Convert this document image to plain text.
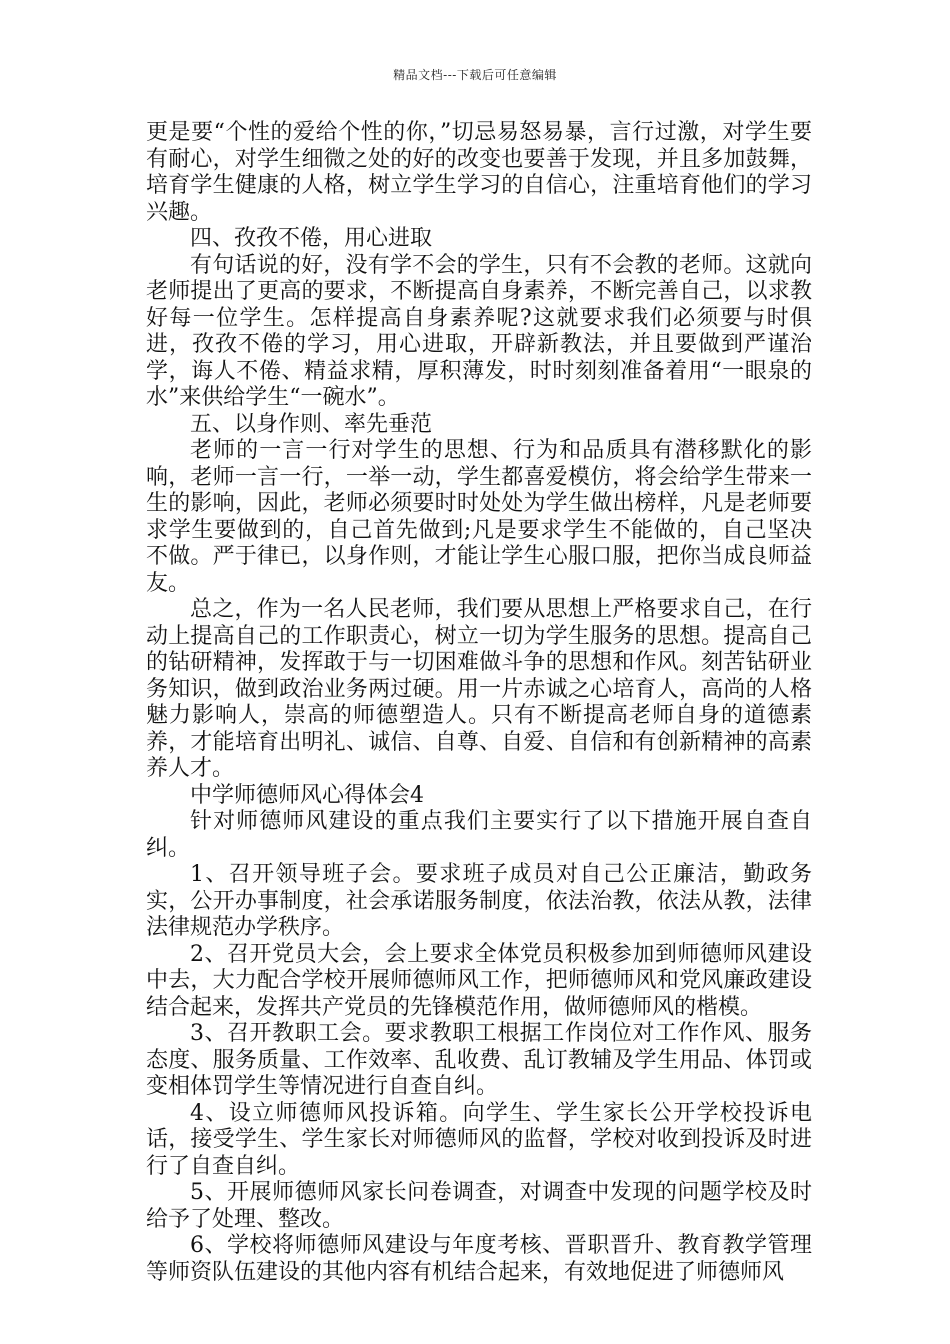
精品文档---下载后可任意编辑

更是要“个性的爱给个性的你，”切忌易怒易暴，言行过激，对学生要有耐心，对学生细微之处的好的改变也要善于发现，并且多加鼓舞，培育学生健康的人格，树立学生学习的自信心，注重培育他们的学习兴趣。

四、孜孜不倦，用心进取

有句话说的好，没有学不会的学生，只有不会教的老师。这就向老师提出了更高的要求，不断提高自身素养，不断完善自己，以求教好每一位学生。怎样提高自身素养呢?这就要求我们必须要与时俱进，孜孜不倦的学习，用心进取，开辟新教法，并且要做到严谨治学，诲人不倦、精益求精，厚积薄发，时时刻刻准备着用“一眼泉的水”来供给学生“一碗水”。

五、以身作则、率先垂范

老师的一言一行对学生的思想、行为和品质具有潜移默化的影响，老师一言一行，一举一动，学生都喜爱模仿，将会给学生带来一生的影响，因此，老师必须要时时处处为学生做出榜样，凡是老师要求学生要做到的，自己首先做到;凡是要求学生不能做的，自己坚决不做。严于律已，以身作则，才能让学生心服口服，把你当成良师益友。

总之，作为一名人民老师，我们要从思想上严格要求自己，在行动上提高自己的工作职责心，树立一切为学生服务的思想。提高自己的钻研精神，发挥敢于与一切困难做斗争的思想和作风。刻苦钻研业务知识，做到政治业务两过硬。用一片赤诚之心培育人，高尚的人格魅力影响人，崇高的师德塑造人。只有不断提高老师自身的道德素养，才能培育出明礼、诚信、自尊、自爱、自信和有创新精神的高素养人才。

中学师德师风心得体会4

针对师德师风建设的重点我们主要实行了以下措施开展自查自纠。

1、召开领导班子会。要求班子成员对自己公正廉洁，勤政务实，公开办事制度，社会承诺服务制度，依法治教，依法从教，法律法律规范办学秩序。

2、召开党员大会，会上要求全体党员积极参加到师德师风建设中去，大力配合学校开展师德师风工作，把师德师风和党风廉政建设结合起来，发挥共产党员的先锋模范作用，做师德师风的楷模。

3、召开教职工会。要求教职工根据工作岗位对工作作风、服务态度、服务质量、工作效率、乱收费、乱订教辅及学生用品、体罚或变相体罚学生等情况进行自查自纠。

4、设立师德师风投诉箱。向学生、学生家长公开学校投诉电话，接受学生、学生家长对师德师风的监督，学校对收到投诉及时进行了自查自纠。

5、开展师德师风家长问卷调查，对调查中发现的问题学校及时给予了处理、整改。

6、学校将师德师风建设与年度考核、晋职晋升、教育教学管理等师资队伍建设的其他内容有机结合起来，有效地促进了师德师风
